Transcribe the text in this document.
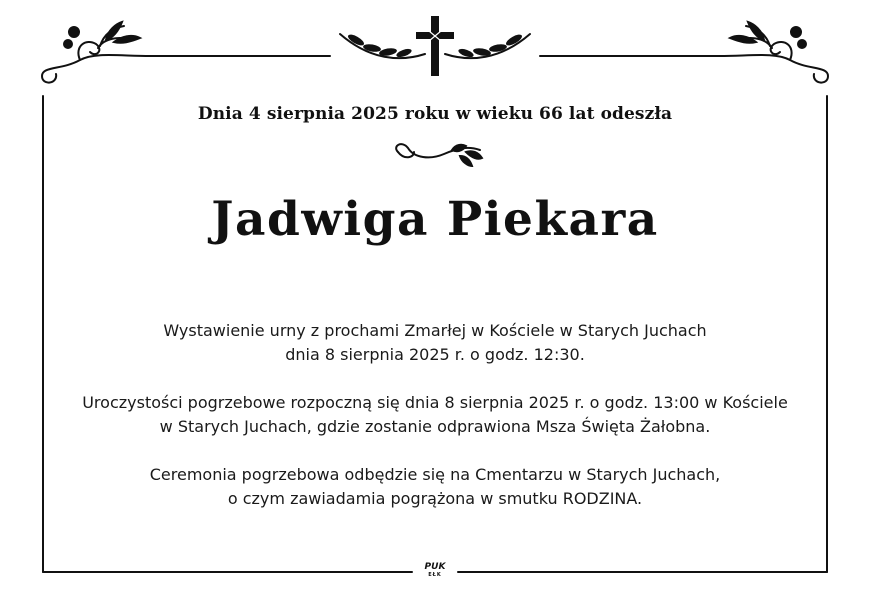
Dnia 4 sierpnia 2025 roku w wieku 66 lat odeszła
Jadwiga Piekara
Wystawienie urny z prochami Zmarłej w Kościele w Starych Juchach
dnia 8 sierpnia 2025 r. o godz. 12:30.
Uroczystości pogrzebowe rozpoczną się dnia 8 sierpnia 2025 r. o godz. 13:00 w Kościele
w Starych Juchach, gdzie zostanie odprawiona Msza Święta Żałobna.
Ceremonia pogrzebowa odbędzie się na Cmentarzu w Starych Juchach,
o czym zawiadamia pogrążona w smutku RODZINA.
PUK
EŁK
